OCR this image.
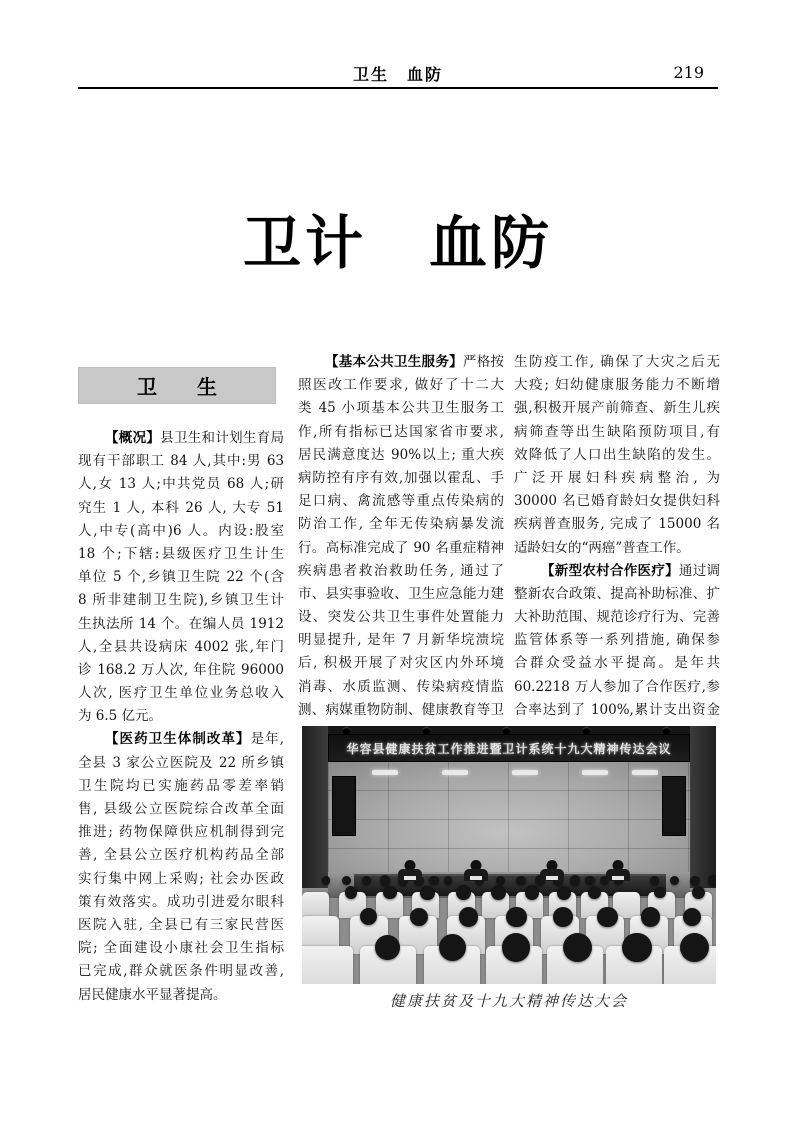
卫生　血防	219
卫计　血防
卫　　生
【概况】县卫生和计划生育局
现有干部职工 84 人,其中:男 63
人,女 13 人;中共党员 68 人;研
究生 1 人, 本科 26 人, 大专 51
人,中专(高中)6 人。内设:股室
18 个;下辖:县级医疗卫生计生
单位 5 个,乡镇卫生院 22 个(含
8 所非建制卫生院),乡镇卫生计
生执法所 14 个。在编人员 1912
人,全县共设病床 4002 张,年门
诊 168.2 万人次, 年住院 96000
人次, 医疗卫生单位业务总收入
为 6.5 亿元。
【医药卫生体制改革】是年,
全县 3 家公立医院及 22 所乡镇
卫生院均已实施药品零差率销
售, 县级公立医院综合改革全面
推进; 药物保障供应机制得到完
善, 全县公立医疗机构药品全部
实行集中网上采购; 社会办医政
策有效落实。成功引进爱尔眼科
医院入驻, 全县已有三家民营医
院; 全面建设小康社会卫生指标
已完成,群众就医条件明显改善,
居民健康水平显著提高。
【基本公共卫生服务】严格按
照医改工作要求, 做好了十二大
类 45 小项基本公共卫生服务工
作,所有指标已达国家省市要求,
居民满意度达 90%以上; 重大疾
病防控有序有效,加强以霍乱、手
足口病、禽流感等重点传染病的
防治工作, 全年无传染病暴发流
行。高标准完成了 90 名重症精神
疾病患者救治救助任务, 通过了
市、县实事验收、卫生应急能力建
设、突发公共卫生事件处置能力
明显提升, 是年 7 月新华垸溃垸
后, 积极开展了对灾区内外环境
消毒、水质监测、传染病疫情监
测、病媒重物防制、健康教育等卫
生防疫工作, 确保了大灾之后无
大疫; 妇幼健康服务能力不断增
强,积极开展产前筛查、新生儿疾
病筛查等出生缺陷预防项目,有
效降低了人口出生缺陷的发生。
广泛开展妇科疾病整治, 为
30000 名已婚育龄妇女提供妇科
疾病普查服务, 完成了 15000 名
适龄妇女的“两癌”普查工作。
【新型农村合作医疗】通过调
整新农合政策、提高补助标准、扩
大补助范围、规范诊疗行为、完善
监管体系等一系列措施, 确保参
合群众受益水平提高。是年共
60.2218 万人参加了合作医疗,参
合率达到了 100%,累计支出资金
华容县健康扶贫工作推进暨卫计系统十九大精神传达会议
健康扶贫及十九大精神传达大会
